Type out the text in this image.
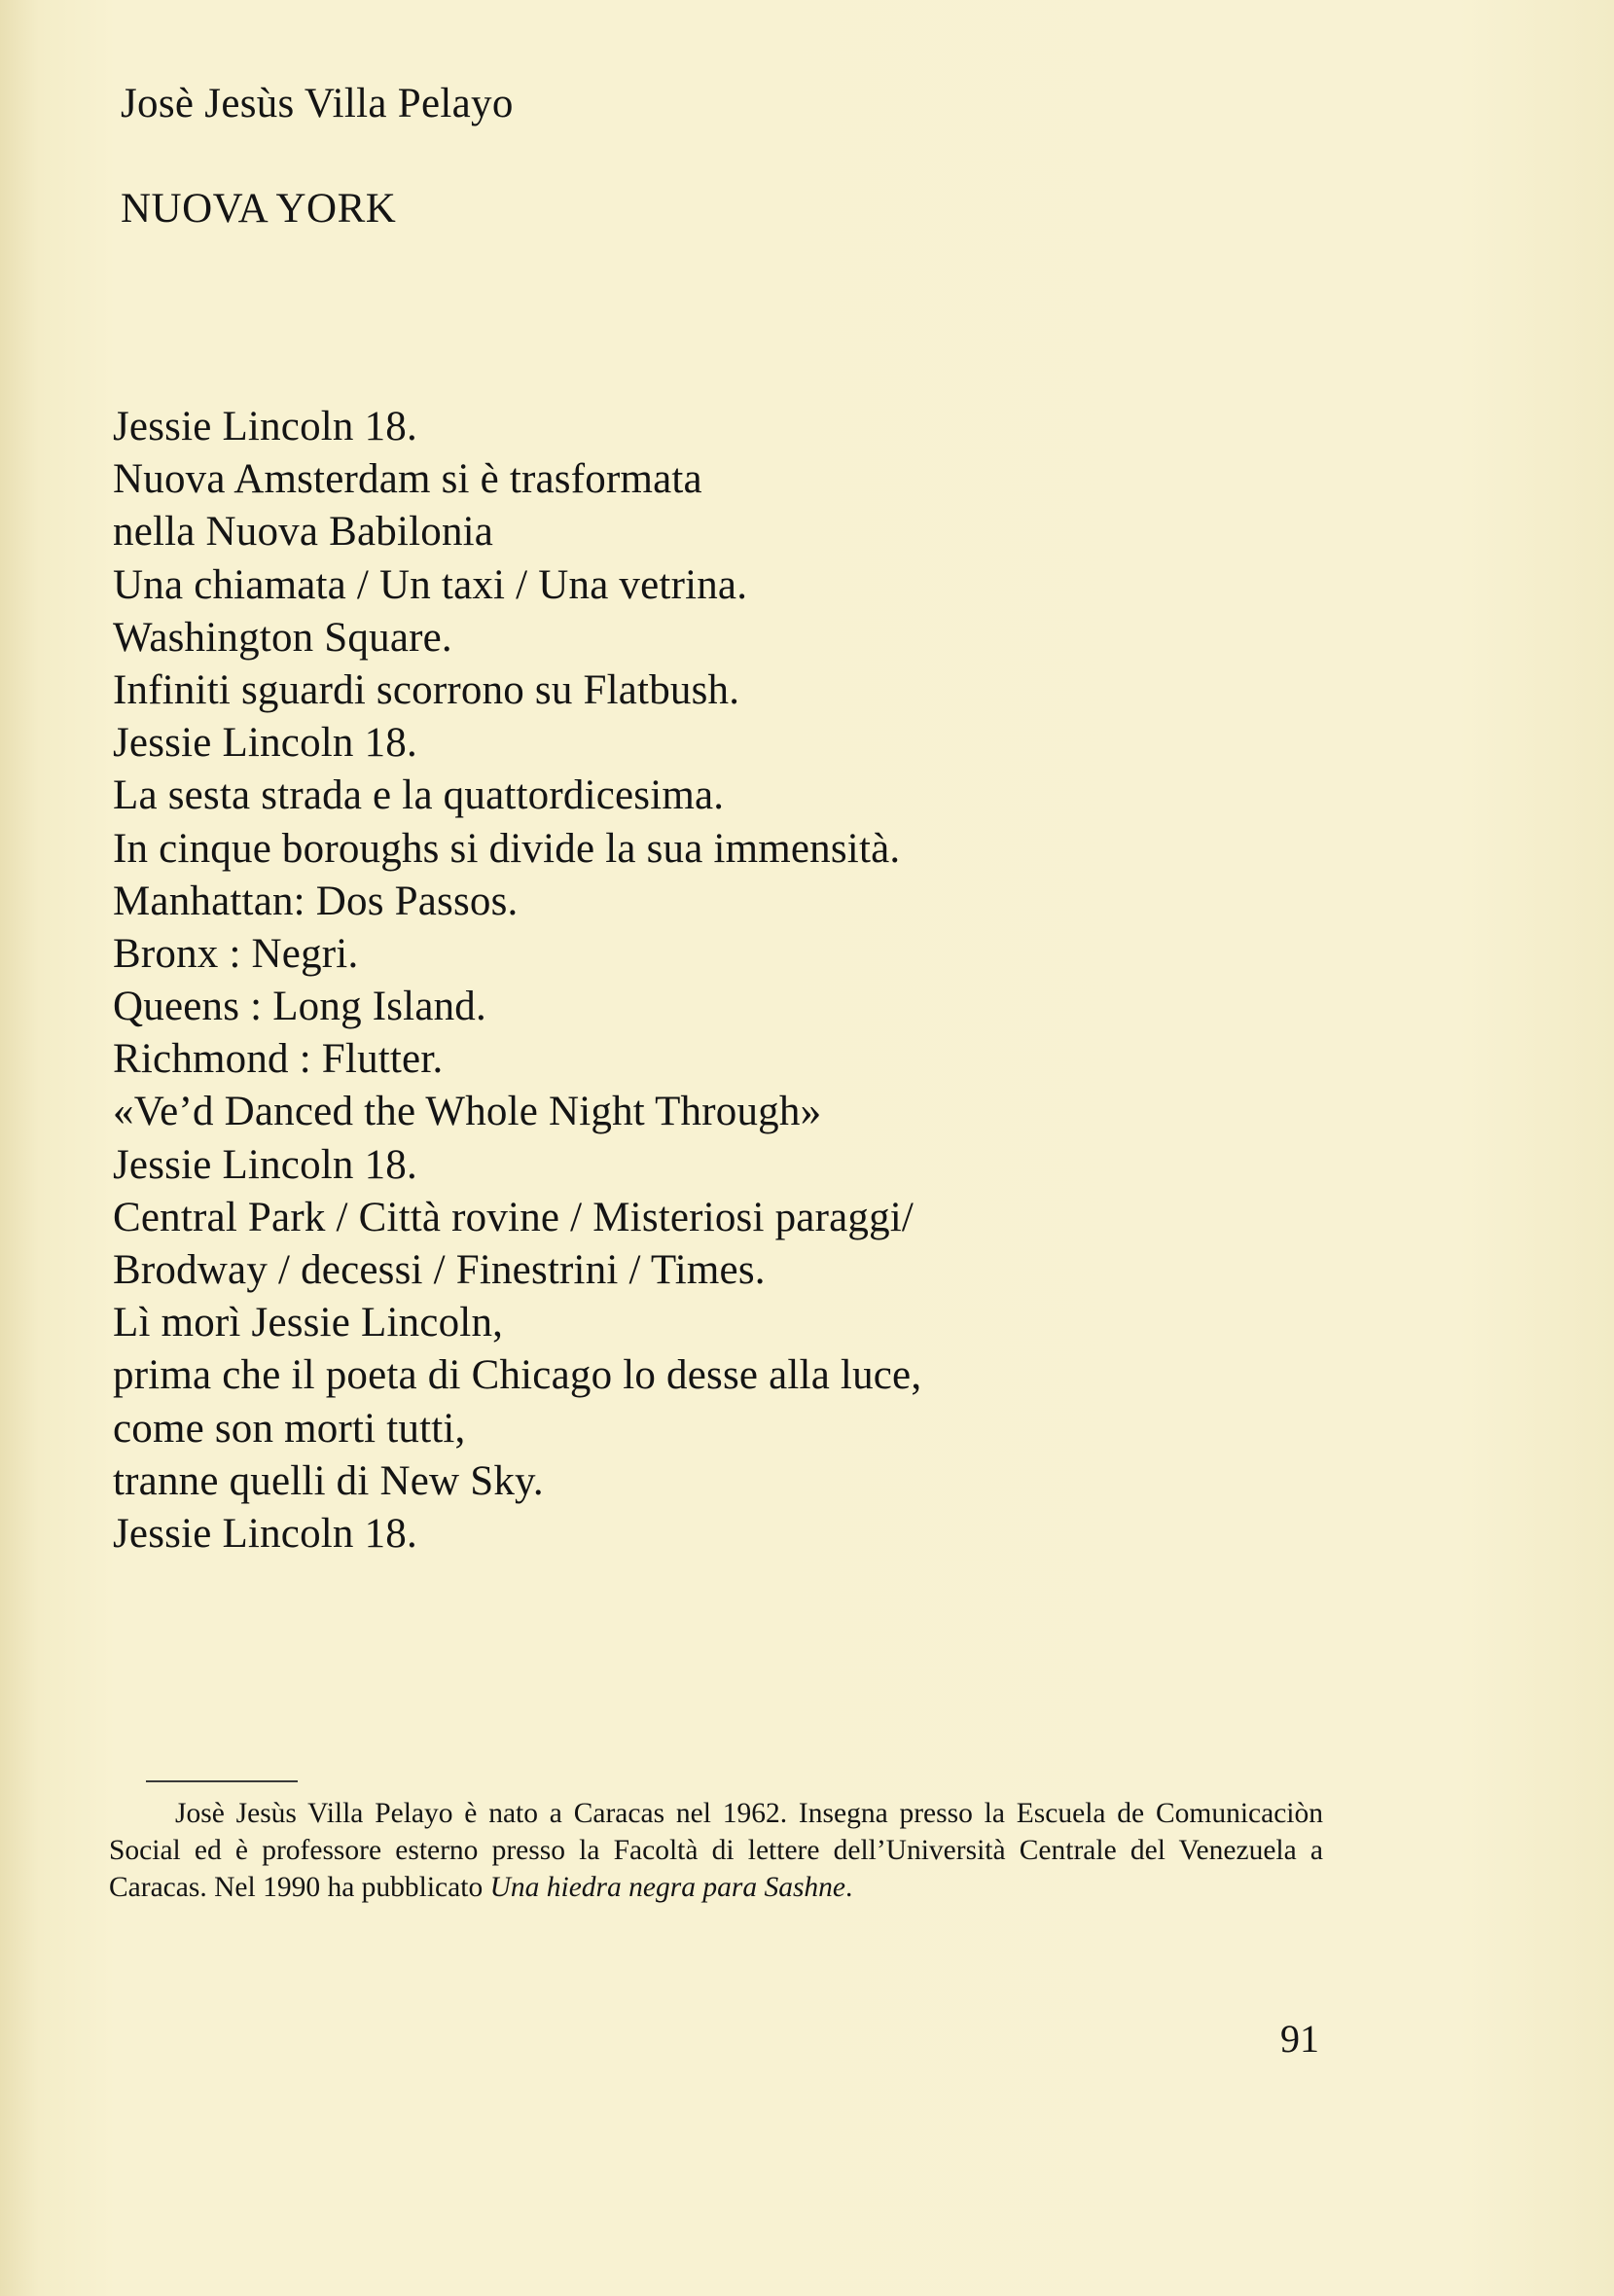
Josè Jesùs Villa Pelayo
NUOVA YORK
Jessie Lincoln 18.
Nuova Amsterdam si è trasformata
nella Nuova Babilonia
Una chiamata / Un taxi / Una vetrina.
Washington Square.
Infiniti sguardi scorrono su Flatbush.
Jessie Lincoln 18.
La sesta strada e la quattordicesima.
In cinque boroughs si divide la sua immensità.
Manhattan: Dos Passos.
Bronx : Negri.
Queens : Long Island.
Richmond : Flutter.
«Ve’d Danced the Whole Night Through»
Jessie Lincoln 18.
Central Park / Città rovine / Misteriosi paraggi/
Brodway / decessi / Finestrini / Times.
Lì morì Jessie Lincoln,
prima che il poeta di Chicago lo desse alla luce,
come son morti tutti,
tranne quelli di New Sky.
Jessie Lincoln 18.

Josè Jesùs Villa Pelayo è nato a Caracas nel 1962. Insegna presso la Escuela de Comunicaciòn Social ed è professore esterno presso la Facoltà di lettere dell’Università Centrale del Venezuela a Caracas. Nel 1990 ha pubblicato Una hiedra negra para Sashne.

91
